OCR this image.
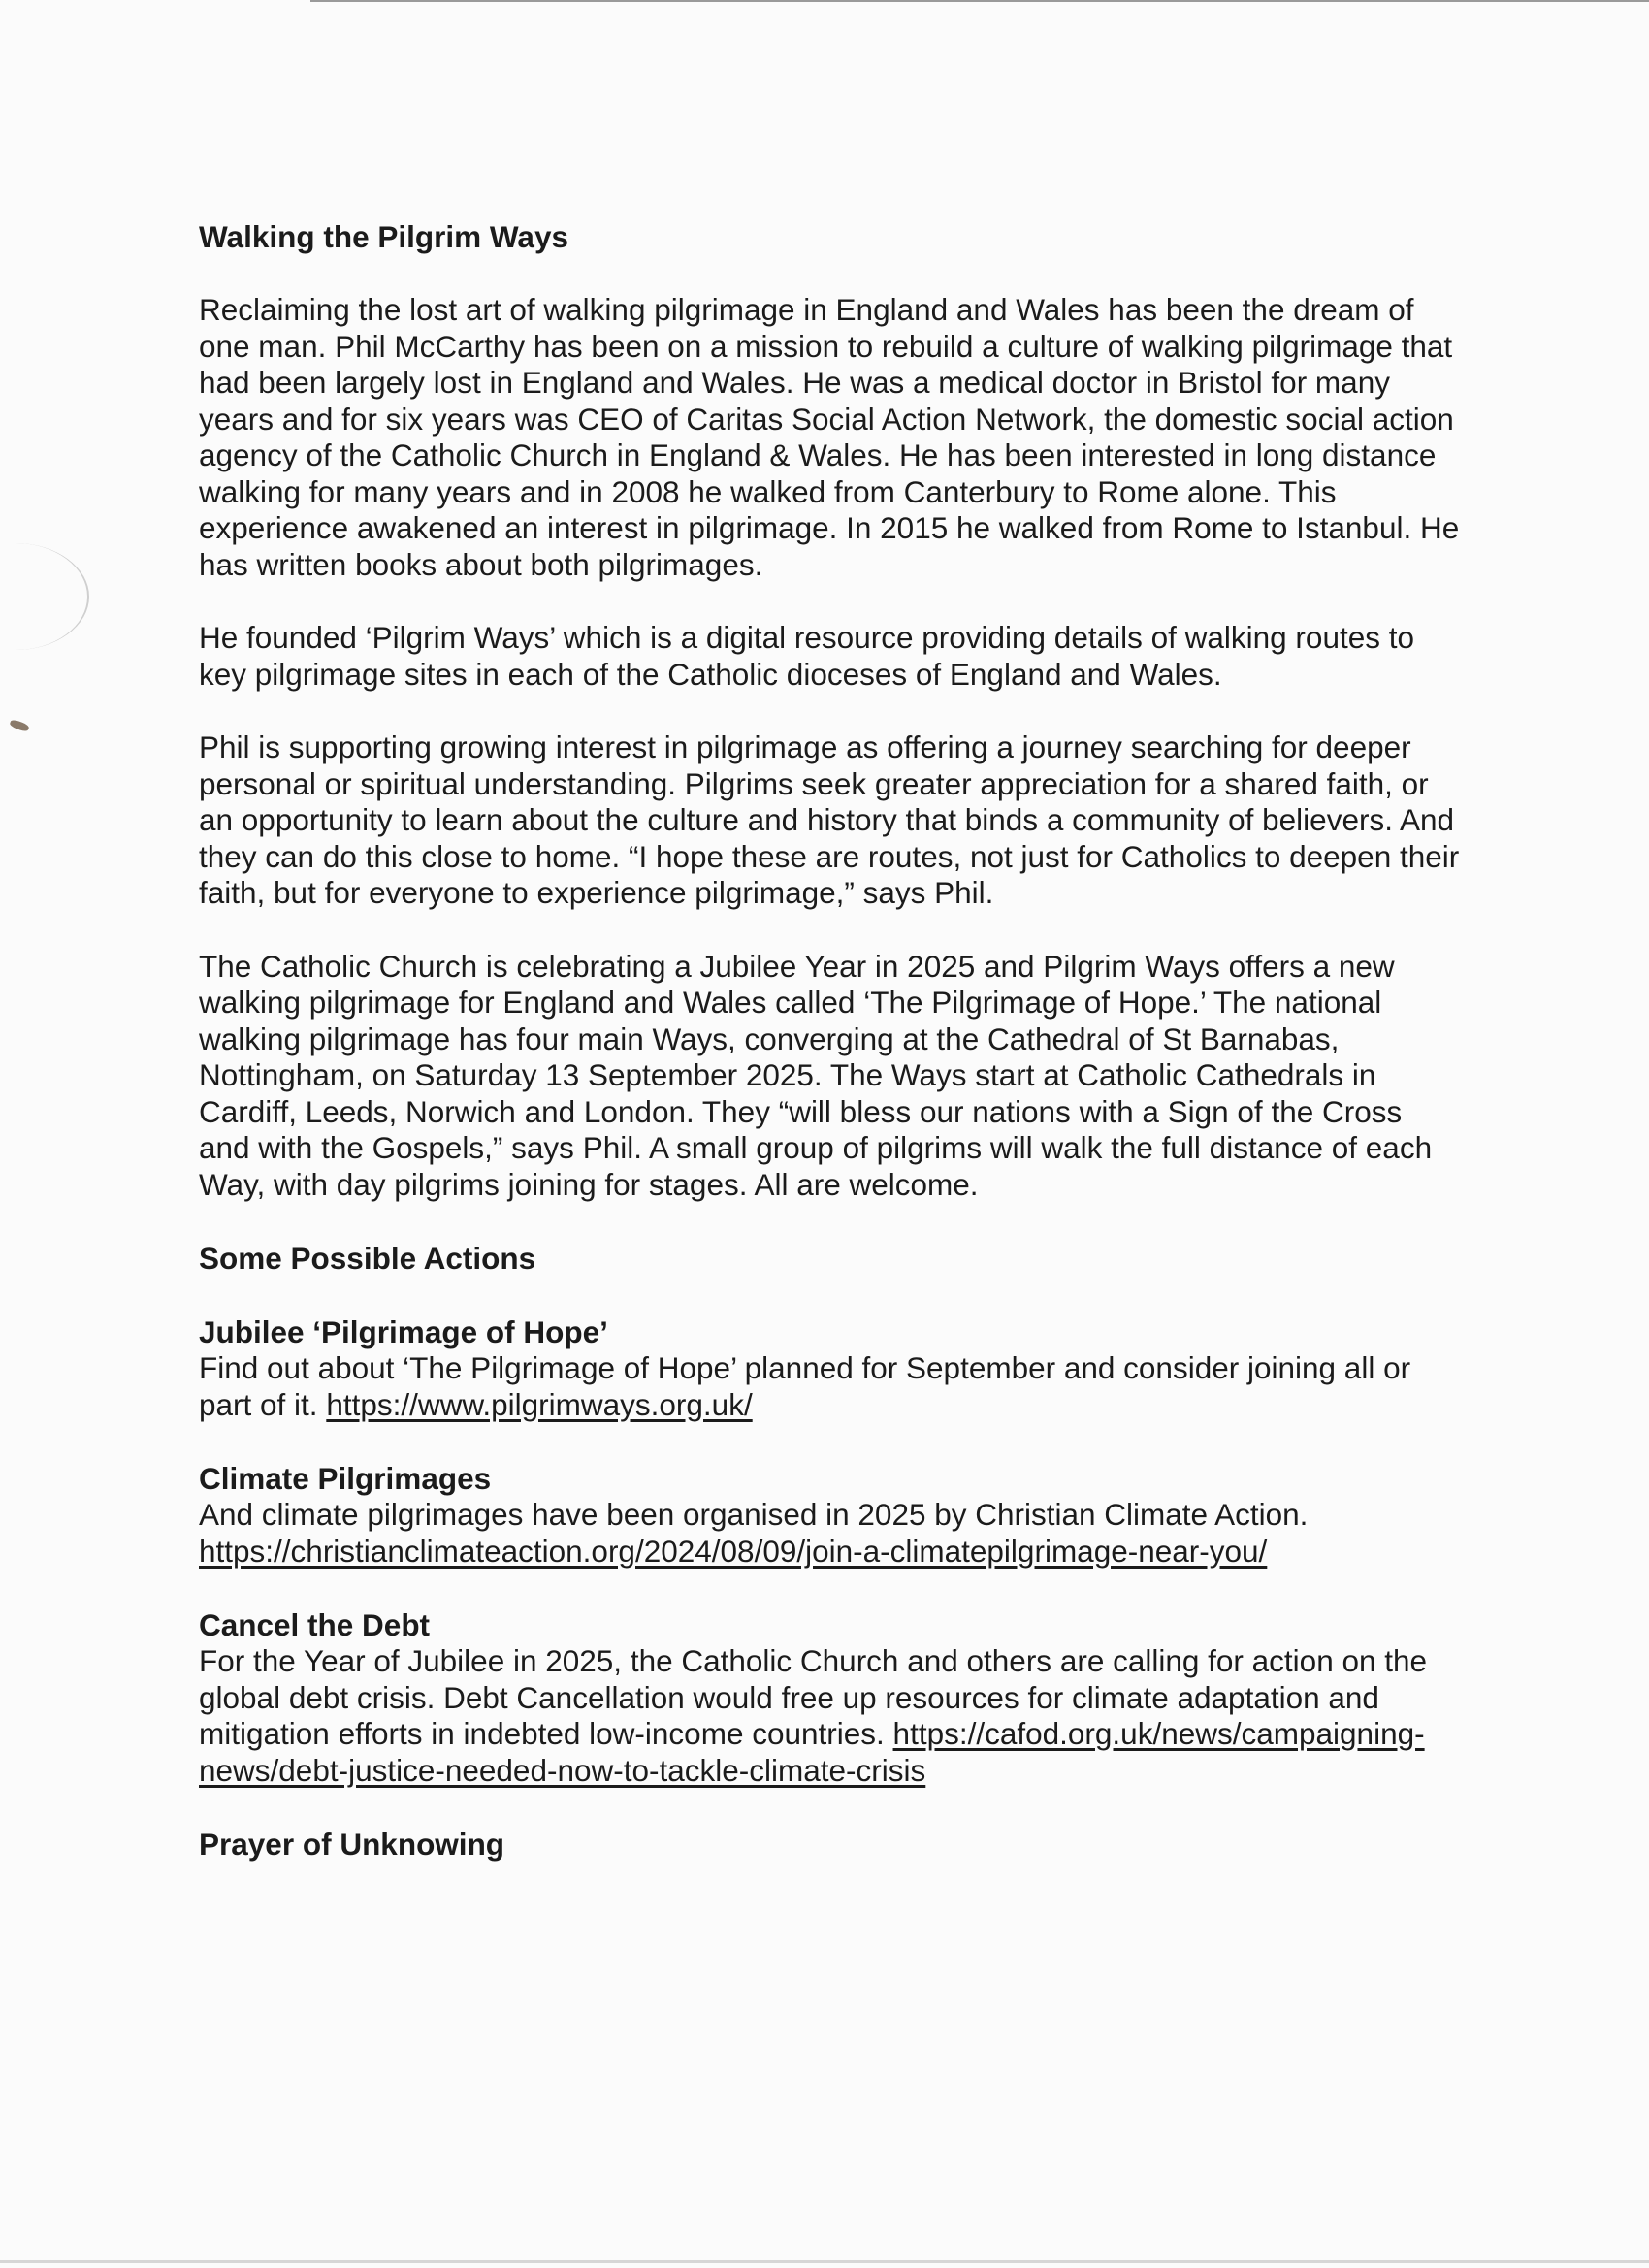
Walking the Pilgrim Ways

Reclaiming the lost art of walking pilgrimage in England and Wales has been the dream of one man. Phil McCarthy has been on a mission to rebuild a culture of walking pilgrimage that had been largely lost in England and Wales. He was a medical doctor in Bristol for many years and for six years was CEO of Caritas Social Action Network, the domestic social action agency of the Catholic Church in England & Wales. He has been interested in long distance walking for many years and in 2008 he walked from Canterbury to Rome alone. This experience awakened an interest in pilgrimage. In 2015 he walked from Rome to Istanbul. He has written books about both pilgrimages.

He founded ‘Pilgrim Ways’ which is a digital resource providing details of walking routes to key pilgrimage sites in each of the Catholic dioceses of England and Wales.

Phil is supporting growing interest in pilgrimage as offering a journey searching for deeper personal or spiritual understanding. Pilgrims seek greater appreciation for a shared faith, or an opportunity to learn about the culture and history that binds a community of believers. And they can do this close to home. “I hope these are routes, not just for Catholics to deepen their faith, but for everyone to experience pilgrimage,” says Phil.

The Catholic Church is celebrating a Jubilee Year in 2025 and Pilgrim Ways offers a new walking pilgrimage for England and Wales called ‘The Pilgrimage of Hope.’ The national walking pilgrimage has four main Ways, converging at the Cathedral of St Barnabas, Nottingham, on Saturday 13 September 2025. The Ways start at Catholic Cathedrals in Cardiff, Leeds, Norwich and London. They “will bless our nations with a Sign of the Cross and with the Gospels,” says Phil. A small group of pilgrims will walk the full distance of each Way, with day pilgrims joining for stages. All are welcome.

Some Possible Actions
Jubilee ‘Pilgrimage of Hope’
Find out about ‘The Pilgrimage of Hope’ planned for September and consider joining all or part of it. https://www.pilgrimways.org.uk/
Climate Pilgrimages
And climate pilgrimages have been organised in 2025 by Christian Climate Action. https://christianclimateaction.org/2024/08/09/join-a-climatepilgrimage-near-you/
Cancel the Debt
For the Year of Jubilee in 2025, the Catholic Church and others are calling for action on the global debt crisis. Debt Cancellation would free up resources for climate adaptation and mitigation efforts in indebted low-income countries. https://cafod.org.uk/news/campaigning-news/debt-justice-needed-now-to-tackle-climate-crisis
Prayer of Unknowing
